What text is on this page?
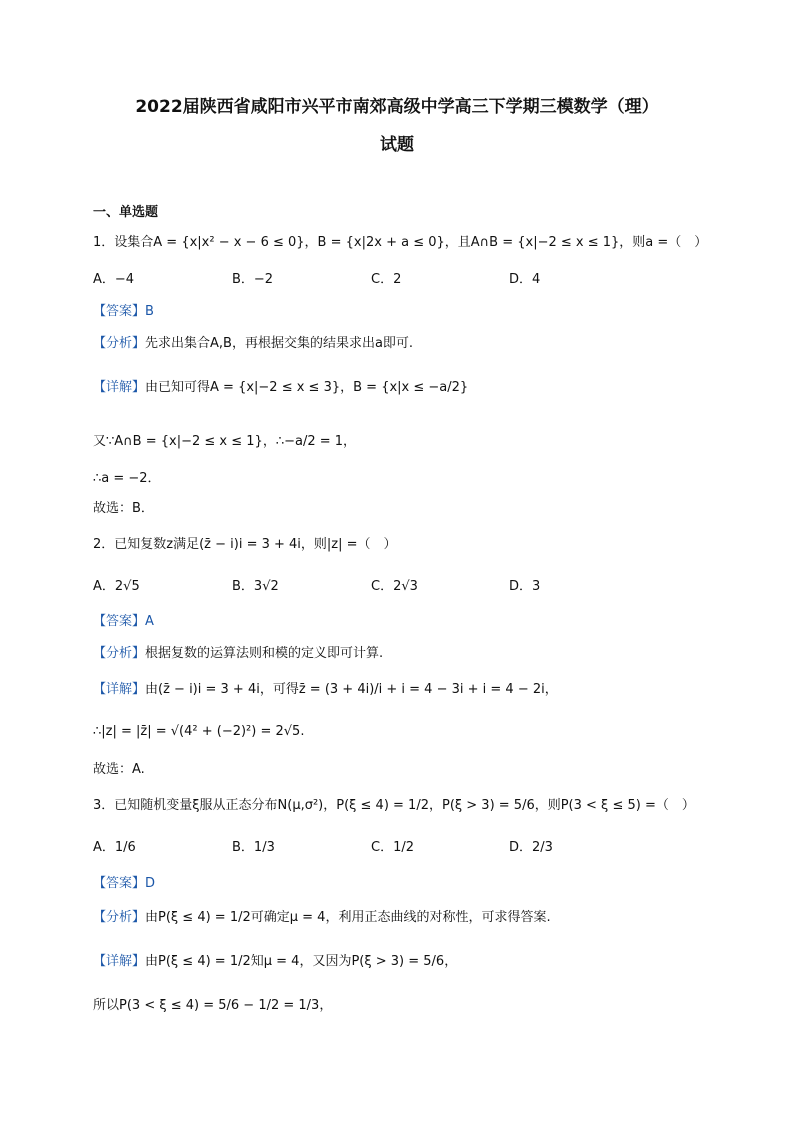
2022届陕西省咸阳市兴平市南郊高级中学高三下学期三模数学（理）
试题
一、单选题
1．设集合A = {x|x² − x − 6 ≤ 0}，B = {x|2x + a ≤ 0}，且A∩B = {x|−2 ≤ x ≤ 1}，则a =（　）
A．−4	B．−2	C．2	D．4
【答案】B
【分析】先求出集合A,B，再根据交集的结果求出a即可.
【详解】由已知可得A = {x|−2 ≤ x ≤ 3}，B = {x|x ≤ −a/2}
又∵A∩B = {x|−2 ≤ x ≤ 1}，∴−a/2 = 1，
∴a = −2．
故选：B．
2．已知复数z满足(z̄ − i)i = 3 + 4i，则|z| =（　）
A．2√5	B．3√2	C．2√3	D．3
【答案】A
【分析】根据复数的运算法则和模的定义即可计算.
【详解】由(z̄ − i)i = 3 + 4i，可得z̄ = (3 + 4i)/i + i = 4 − 3i + i = 4 − 2i，
∴|z| = |z̄| = √(4² + (−2)²) = 2√5.
故选：A.
3．已知随机变量ξ服从正态分布N(μ,σ²)，P(ξ ≤ 4) = 1/2，P(ξ > 3) = 5/6，则P(3 < ξ ≤ 5) =（　）
A．1/6	B．1/3	C．1/2	D．2/3
【答案】D
【分析】由P(ξ ≤ 4) = 1/2可确定μ = 4，利用正态曲线的对称性，可求得答案.
【详解】由P(ξ ≤ 4) = 1/2知μ = 4，又因为P(ξ > 3) = 5/6，
所以P(3 < ξ ≤ 4) = 5/6 − 1/2 = 1/3，
